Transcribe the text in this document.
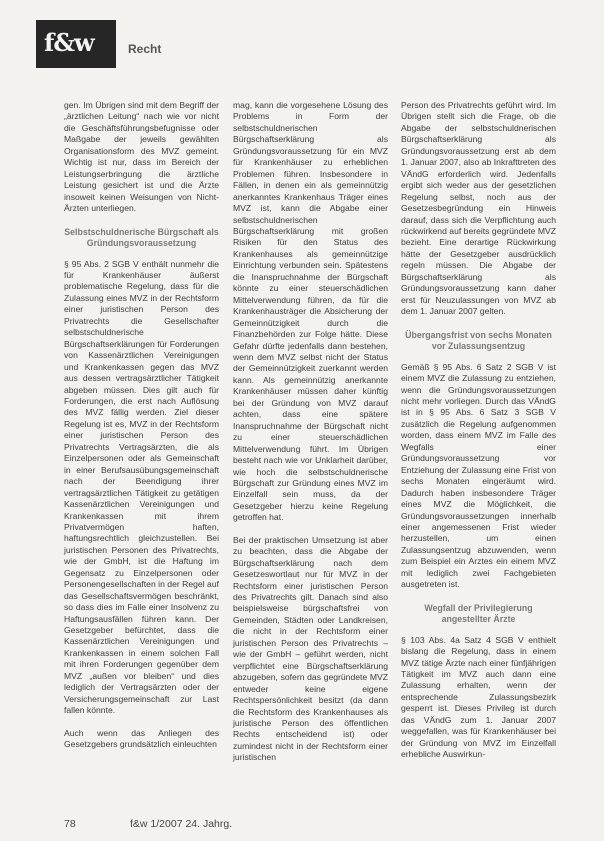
f&w	Recht

gen. Im Übrigen sind mit dem Begriff der „ärztlichen Leitung“ nach wie vor nicht die Geschäftsführungsbefugnisse oder Maßgabe der jeweils gewählten Organisationsform des MVZ gemeint. Wichtig ist nur, dass im Bereich der Leistungserbringung die ärztliche Leistung gesichert ist und die Ärzte insoweit keinen Weisungen von Nicht-Ärzten unterliegen.

Selbstschuldnerische Bürgschaft als Gründungsvoraussetzung

§ 95 Abs. 2 SGB V enthält nunmehr die für Krankenhäuser äußerst problematische Regelung, dass für die Zulassung eines MVZ in der Rechtsform einer juristischen Person des Privatrechts die Gesellschafter selbstschuldnerische Bürgschaftserklärungen für Forderungen von Kassenärztlichen Vereinigungen und Krankenkassen gegen das MVZ aus dessen vertragsärztlicher Tätigkeit abgeben müssen. Dies gilt auch für Forderungen, die erst nach Auflösung des MVZ fällig werden. Ziel dieser Regelung ist es, MVZ in der Rechtsform einer juristischen Person des Privatrechts Vertragsärzten, die als Einzelpersonen oder als Gemeinschaft in einer Berufsausübungsgemeinschaft nach der Beendigung ihrer vertragsärztlichen Tätigkeit zu getätigen Kassenärztlichen Vereinigungen und Krankenkassen mit ihrem Privatvermögen haften, haftungsrechtlich gleichzustellen. Bei juristischen Personen des Privatrechts, wie der GmbH, ist die Haftung im Gegensatz zu Einzelpersonen oder Personengesellschaften in der Regel auf das Gesellschaftsvermögen beschränkt, so dass dies im Falle einer Insolvenz zu Haftungsausfällen führen kann. Der Gesetzgeber befürchtet, dass die Kassenärztlichen Vereinigungen und Krankenkassen in einem solchen Fall mit ihren Forderungen gegenüber dem MVZ „außen vor bleiben“ und dies lediglich der Vertragsärzten oder der Versicherungsgemeinschaft zur Last fallen könnte.

Auch wenn das Anliegen des Gesetzgebers grundsätzlich einleuchten

mag, kann die vorgesehene Lösung des Problems in Form der selbstschuldnerischen Bürgschaftserklärung als Gründungsvoraussetzung für ein MVZ für Krankenhäuser zu erheblichen Problemen führen. Insbesondere in Fällen, in denen ein als gemeinnützig anerkanntes Krankenhaus Träger eines MVZ ist, kann die Abgabe einer selbstschuldnerischen Bürgschaftserklärung mit großen Risiken für den Status des Krankenhauses als gemeinnützige Einrichtung verbunden sein. Spätestens die Inanspruchnahme der Bürgschaft könnte zu einer steuerschädlichen Mittelverwendung führen, da für die Krankenhausträger die Absicherung der Gemeinnützigkeit durch die Finanzbehörden zur Folge hätte. Diese Gefahr dürfte jedenfalls dann bestehen, wenn dem MVZ selbst nicht der Status der Gemeinnützigkeit zuerkannt werden kann. Als gemeinnützig anerkannte Krankenhäuser müssen daher künftig bei der Gründung von MVZ darauf achten, dass eine spätere Inanspruchnahme der Bürgschaft nicht zu einer steuerschädlichen Mittelverwendung führt. Im Übrigen besteht nach wie vor Unklarheit darüber, wie hoch die selbstschuldnerische Bürgschaft zur Gründung eines MVZ im Einzelfall sein muss, da der Gesetzgeber hierzu keine Regelung getroffen hat.

Bei der praktischen Umsetzung ist aber zu beachten, dass die Abgabe der Bürgschaftserklärung nach dem Gesetzeswortlaut nur für MVZ in der Rechtsform einer juristischen Person des Privatrechts gilt. Danach sind also beispielsweise bürgschaftsfrei von Gemeinden, Städten oder Landkreisen, die nicht in der Rechtsform einer juristischen Person des Privatrechts – wie der GmbH – geführt werden, nicht verpflichtet eine Bürgschaftserklärung abzugeben, sofern das gegründete MVZ entweder keine eigene Rechtspersönlichkeit besitzt (da dann die Rechtsform des Krankenhauses als juristische Person des öffentlichen Rechts entscheidend ist) oder zumindest nicht in der Rechtsform einer juristischen

Person des Privatrechts geführt wird. Im Übrigen stellt sich die Frage, ob die Abgabe der selbstschuldnerischen Bürgschaftserklärung als Gründungsvoraussetzung erst ab dem 1. Januar 2007, also ab Inkrafttreten des VÄndG erforderlich wird. Jedenfalls ergibt sich weder aus der gesetzlichen Regelung selbst, noch aus der Gesetzesbegründung ein Hinweis darauf, dass sich die Verpflichtung auch rückwirkend auf bereits gegründete MVZ bezieht. Eine derartige Rückwirkung hätte der Gesetzgeber ausdrücklich regeln müssen. Die Abgabe der Bürgschaftserklärung als Gründungsvoraussetzung kann daher erst für Neuzulassungen von MVZ ab dem 1. Januar 2007 gelten.

Übergangsfrist von sechs Monaten vor Zulassungsentzug

Gemäß § 95 Abs. 6 Satz 2 SGB V ist einem MVZ die Zulassung zu entziehen, wenn die Gründungsvoraussetzungen nicht mehr vorliegen. Durch das VÄndG ist in § 95 Abs. 6 Satz 3 SGB V zusätzlich die Regelung aufgenommen worden, dass einem MVZ im Falle des Wegfalls einer Gründungsvoraussetzung vor Entziehung der Zulassung eine Frist von sechs Monaten eingeräumt wird. Dadurch haben insbesondere Träger eines MVZ die Möglichkeit, die Gründungsvoraussetzungen innerhalb einer angemessenen Frist wieder herzustellen, um einen Zulassungsentzug abzuwenden, wenn zum Beispiel ein Arztes ein einem MVZ mit lediglich zwei Fachgebieten ausgetreten ist.

Wegfall der Privilegierung angestellter Ärzte

§ 103 Abs. 4a Satz 4 SGB V enthielt bislang die Regelung, dass in einem MVZ tätige Ärzte nach einer fünfjährigen Tätigkeit im MVZ auch dann eine Zulassung erhalten, wenn der entsprechende Zulassungsbezirk gesperrt ist. Dieses Privileg ist durch das VÄndG zum 1. Januar 2007 weggefallen, was für Krankenhäuser bei der Gründung von MVZ im Einzelfall erhebliche Auswirkun-

78	f&w 1/2007 24. Jahrg.
